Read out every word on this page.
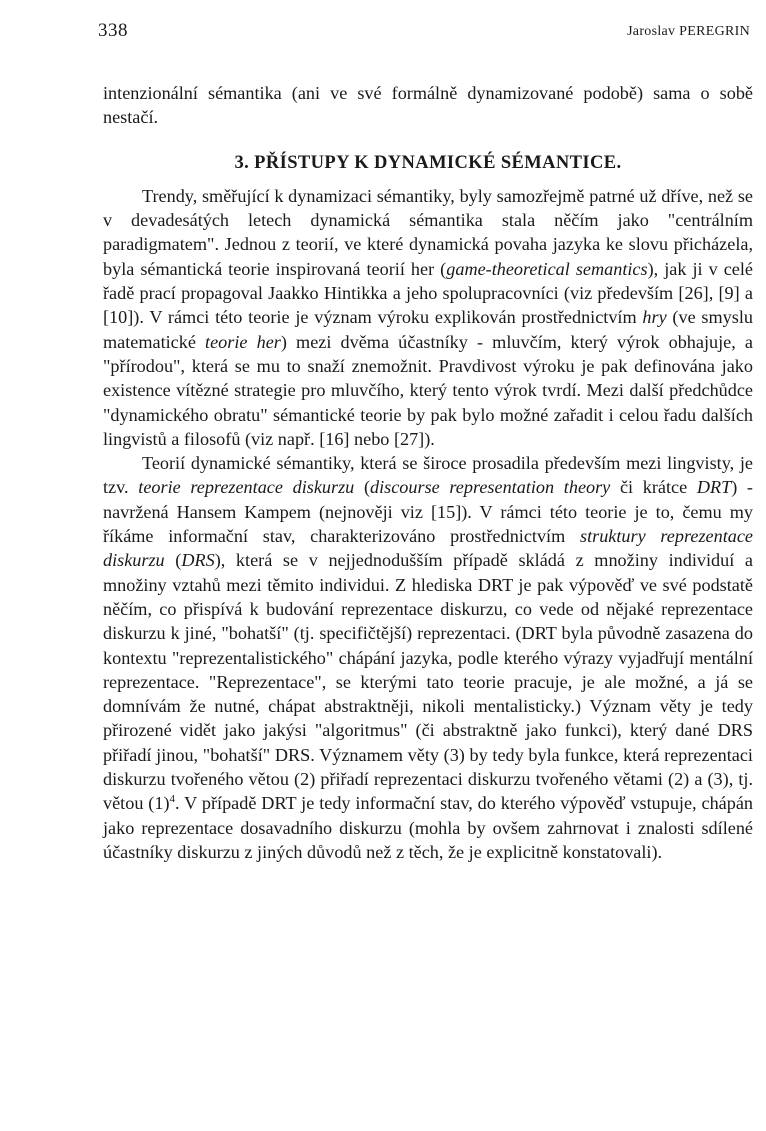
338	Jaroslav PEREGRIN

intenzionální sémantika (ani ve své formálně dynamizované podobě) sama o sobě nestačí.

3. PŘÍSTUPY K DYNAMICKÉ SÉMANTICE.

Trendy, směřující k dynamizaci sémantiky, byly samozřejmě patrné už dříve, než se v devadesátých letech dynamická sémantika stala něčím jako "centrálním paradigmatem". Jednou z teorií, ve které dynamická povaha jazyka ke slovu přicházela, byla sémantická teorie inspirovaná teorií her (game-theoretical semantics), jak ji v celé řadě prací propagoval Jaakko Hintikka a jeho spolupracovníci (viz především [26], [9] a [10]). V rámci této teorie je význam výroku explikován prostřednictvím hry (ve smyslu matematické teorie her) mezi dvěma účastníky - mluvčím, který výrok obhajuje, a "přírodou", která se mu to snaží znemožnit. Pravdivost výroku je pak definována jako existence vítězné strategie pro mluvčího, který tento výrok tvrdí. Mezi další předchůdce "dynamického obratu" sémantické teorie by pak bylo možné zařadit i celou řadu dalších lingvistů a filosofů (viz např. [16] nebo [27]).

Teorií dynamické sémantiky, která se široce prosadila především mezi lingvisty, je tzv. teorie reprezentace diskurzu (discourse representation theory či krátce DRT) - navržená Hansem Kampem (nejnověji viz [15]). V rámci této teorie je to, čemu my říkáme informační stav, charakterizováno prostřednictvím struktury reprezentace diskurzu (DRS), která se v nejjednodušším případě skládá z množiny individuí a množiny vztahů mezi těmito individui. Z hlediska DRT je pak výpověď ve své podstatě něčím, co přispívá k budování reprezentace diskurzu, co vede od nějaké reprezentace diskurzu k jiné, "bohatší" (tj. specifičtější) reprezentaci. (DRT byla původně zasazena do kontextu "reprezentalistického" chápání jazyka, podle kterého výrazy vyjadřují mentální reprezentace. "Reprezentace", se kterými tato teorie pracuje, je ale možné, a já se domnívám že nutné, chápat abstraktněji, nikoli mentalisticky.) Význam věty je tedy přirozené vidět jako jakýsi "algoritmus" (či abstraktně jako funkci), který dané DRS přiřadí jinou, "bohatší" DRS. Významem věty (3) by tedy byla funkce, která reprezentaci diskurzu tvořeného větou (2) přiřadí reprezentaci diskurzu tvořeného větami (2) a (3), tj. větou $(1)^4$. V případě DRT je tedy informační stav, do kterého výpověď vstupuje, chápán jako reprezentace dosavadního diskurzu (mohla by ovšem zahrnovat i znalosti sdílené účastníky diskurzu z jiných důvodů než z těch, že je explicitně konstatovali).
